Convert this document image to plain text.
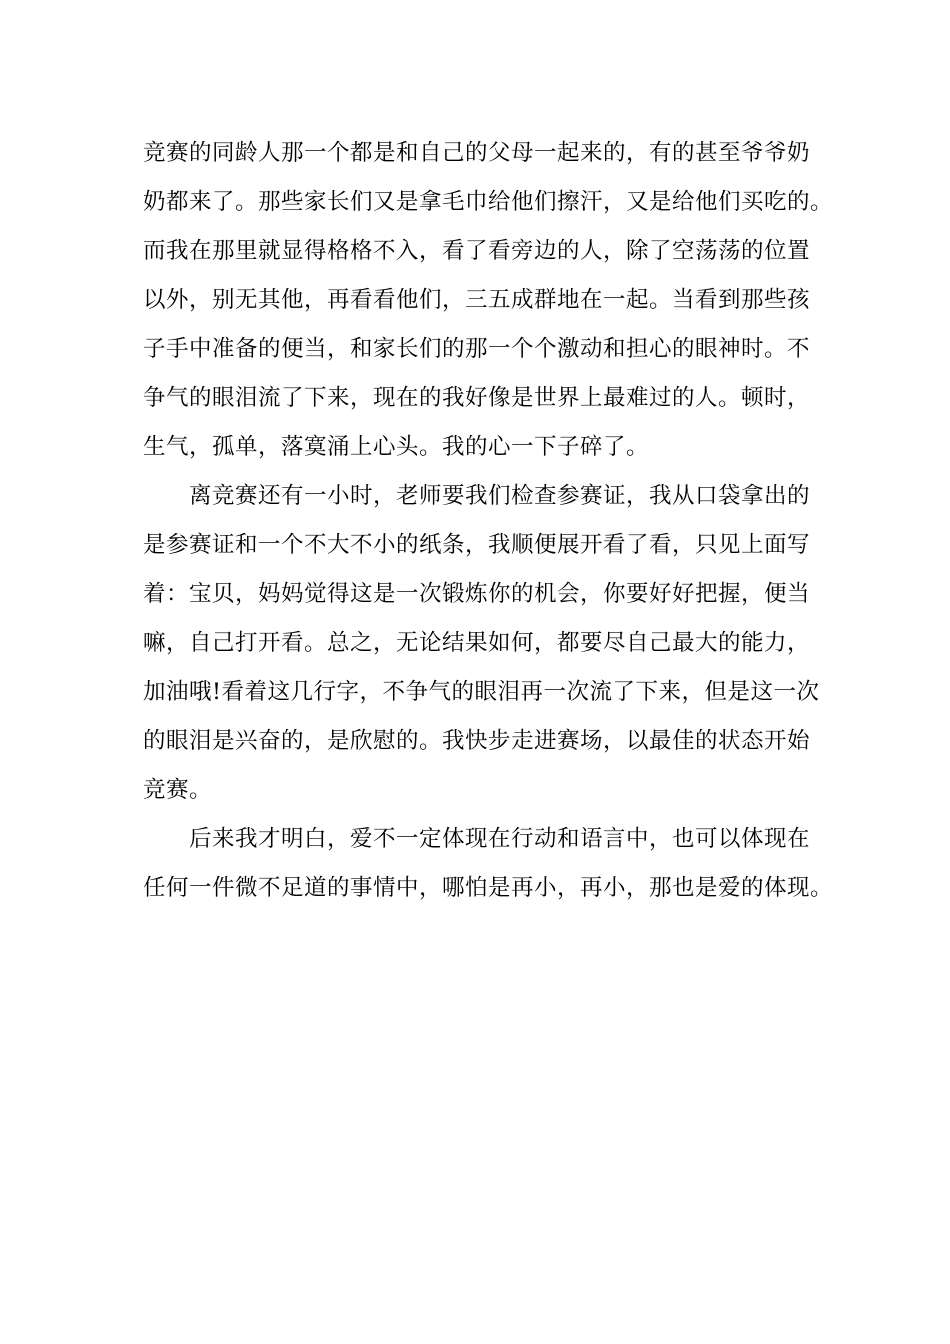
竞赛的同龄人那一个都是和自己的父母一起来的，有的甚至爷爷奶
奶都来了。那些家长们又是拿毛巾给他们擦汗，又是给他们买吃的。
而我在那里就显得格格不入，看了看旁边的人，除了空荡荡的位置
以外，别无其他，再看看他们，三五成群地在一起。当看到那些孩
子手中准备的便当，和家长们的那一个个激动和担心的眼神时。不
争气的眼泪流了下来，现在的我好像是世界上最难过的人。顿时，
生气，孤单，落寞涌上心头。我的心一下子碎了。
离竞赛还有一小时，老师要我们检查参赛证，我从口袋拿出的
是参赛证和一个不大不小的纸条，我顺便展开看了看，只见上面写
着：宝贝，妈妈觉得这是一次锻炼你的机会，你要好好把握，便当
嘛，自己打开看。总之，无论结果如何，都要尽自己最大的能力，
加油哦!看着这几行字，不争气的眼泪再一次流了下来，但是这一次
的眼泪是兴奋的，是欣慰的。我快步走进赛场，以最佳的状态开始
竞赛。
后来我才明白，爱不一定体现在行动和语言中，也可以体现在
任何一件微不足道的事情中，哪怕是再小，再小，那也是爱的体现。
